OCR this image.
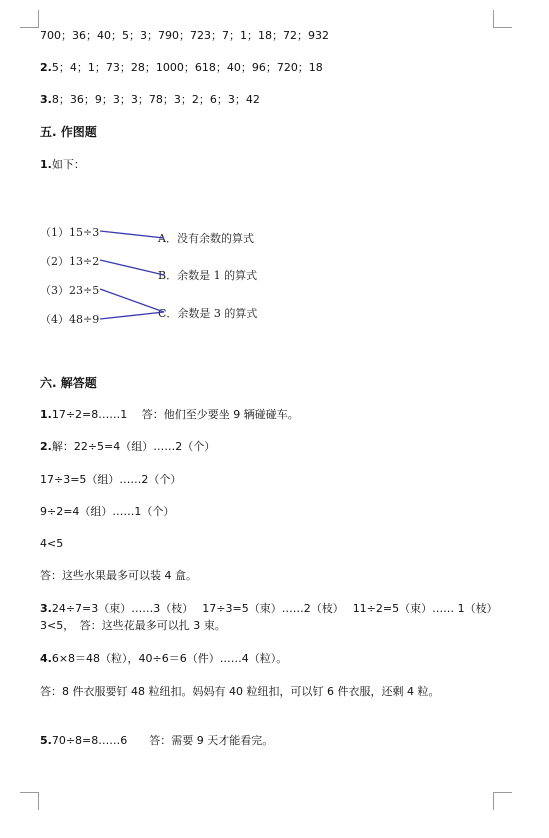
700；36；40；5；3；790；723；7；1；18；72；932
2.5；4；1；73；28；1000；618；40；96；720；18
3.8；36；9；3；3；78；3；2；6；3；42
五. 作图题
1.如下：
（1）15÷3
（2）13÷2
（3）23÷5
（4）48÷9
A．没有余数的算式
B．余数是 1 的算式
C．余数是 3 的算式
六. 解答题
1.17÷2=8……1　 答：他们至少要坐 9 辆碰碰车。
2.解：22÷5=4（组）……2（个）
17÷3=5（组）……2（个）
9÷2=4（组）……1（个）
4<5
答：这些水果最多可以装 4 盒。
3.24÷7=3（束）……3（枝）　 17÷3=5（束）……2（枝）　 11÷2=5（束）…… 1（枝）　3<5，　答：这些花最多可以扎 3 束。
4.6×8＝48（粒），40÷6＝6（件）……4（粒）。
答：8 件衣服要钉 48 粒纽扣。妈妈有 40 粒纽扣，可以钉 6 件衣服，还剩 4 粒。
5.70÷8=8……6　　答：需要 9 天才能看完。
